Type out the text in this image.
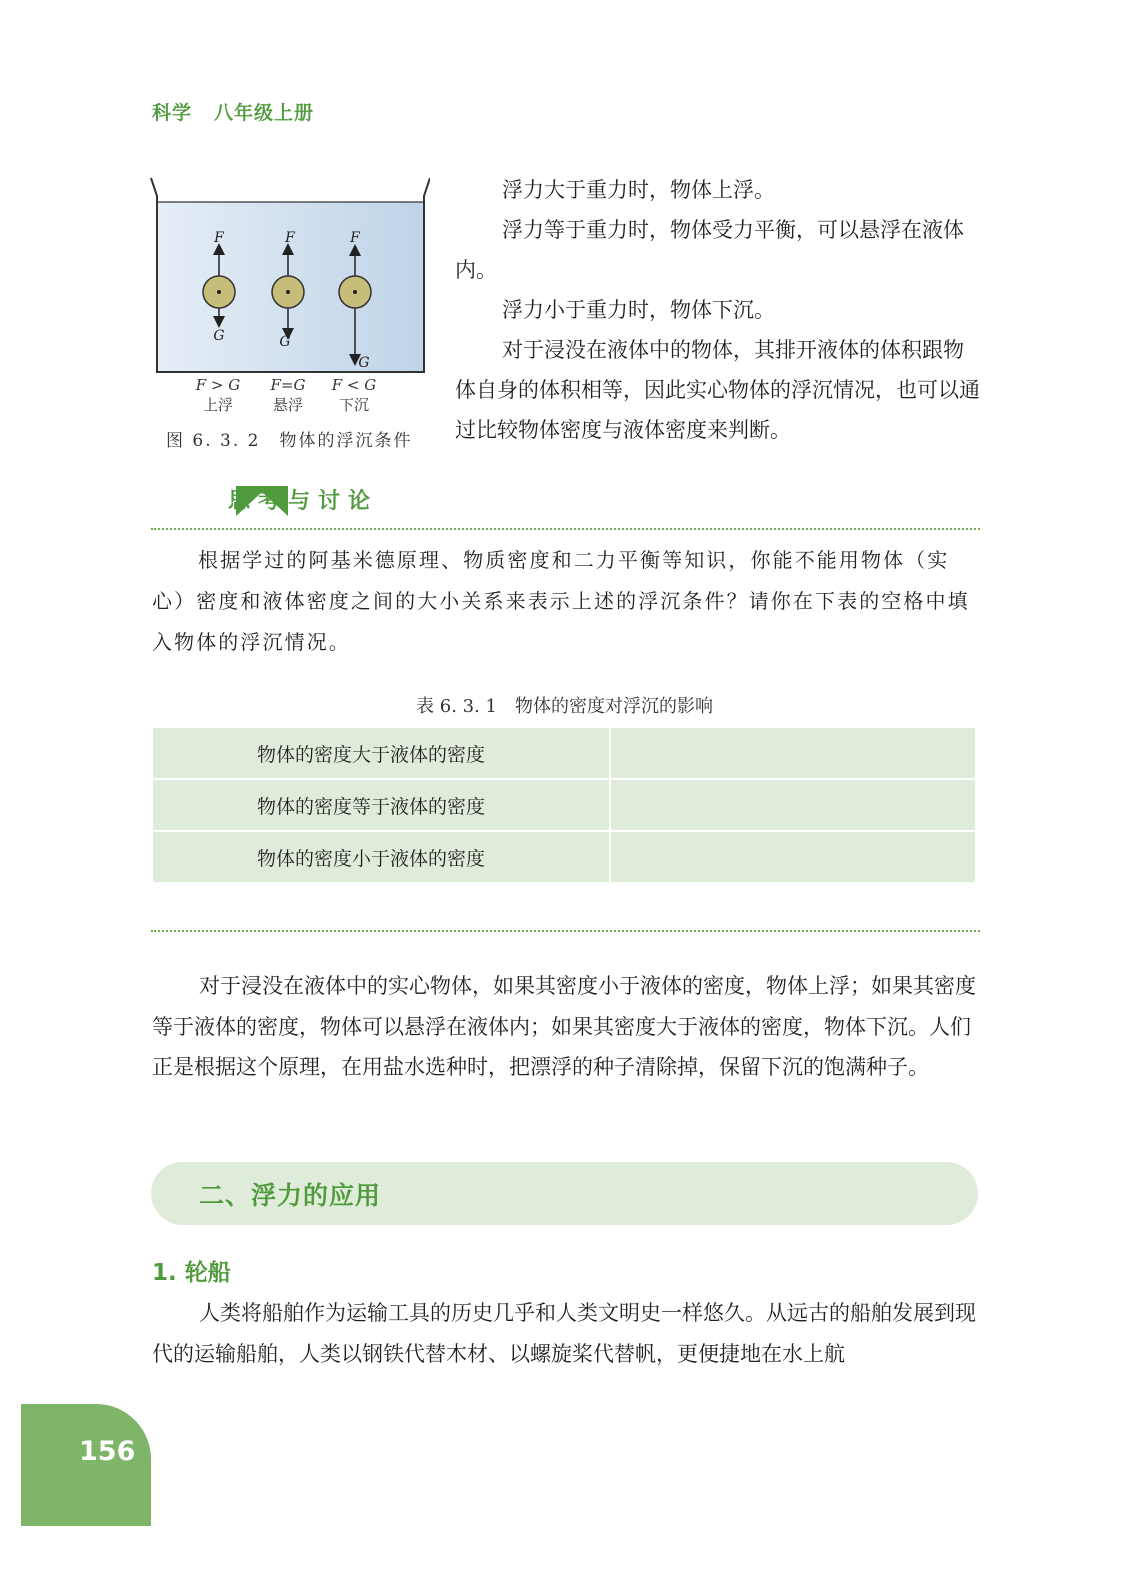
科学 八年级上册
F
G
F
G
F
G
F > G
上浮
F=G
悬浮
F < G
下沉
图 6. 3. 2　物体的浮沉条件

浮力大于重力时，物体上浮。

浮力等于重力时，物体受力平衡，可以悬浮在液体内。

浮力小于重力时，物体下沉。

对于浸没在液体中的物体，其排开液体的体积跟物体自身的体积相等，因此实心物体的浮沉情况，也可以通过比较物体密度与液体密度来判断。

思考与讨论

根据学过的阿基米德原理、物质密度和二力平衡等知识，你能不能用物体（实心）密度和液体密度之间的大小关系来表示上述的浮沉条件？请你在下表的空格中填入物体的浮沉情况。

表 6. 3. 1　物体的密度对浮沉的影响
物体的密度大于液体的密度	
物体的密度等于液体的密度	
物体的密度小于液体的密度	

对于浸没在液体中的实心物体，如果其密度小于液体的密度，物体上浮；如果其密度等于液体的密度，物体可以悬浮在液体内；如果其密度大于液体的密度，物体下沉。人们正是根据这个原理，在用盐水选种时，把漂浮的种子清除掉，保留下沉的饱满种子。

二、浮力的应用
1. 轮船

人类将船舶作为运输工具的历史几乎和人类文明史一样悠久。从远古的船舶发展到现代的运输船舶，人类以钢铁代替木材、以螺旋桨代替帆，更便捷地在水上航

156
